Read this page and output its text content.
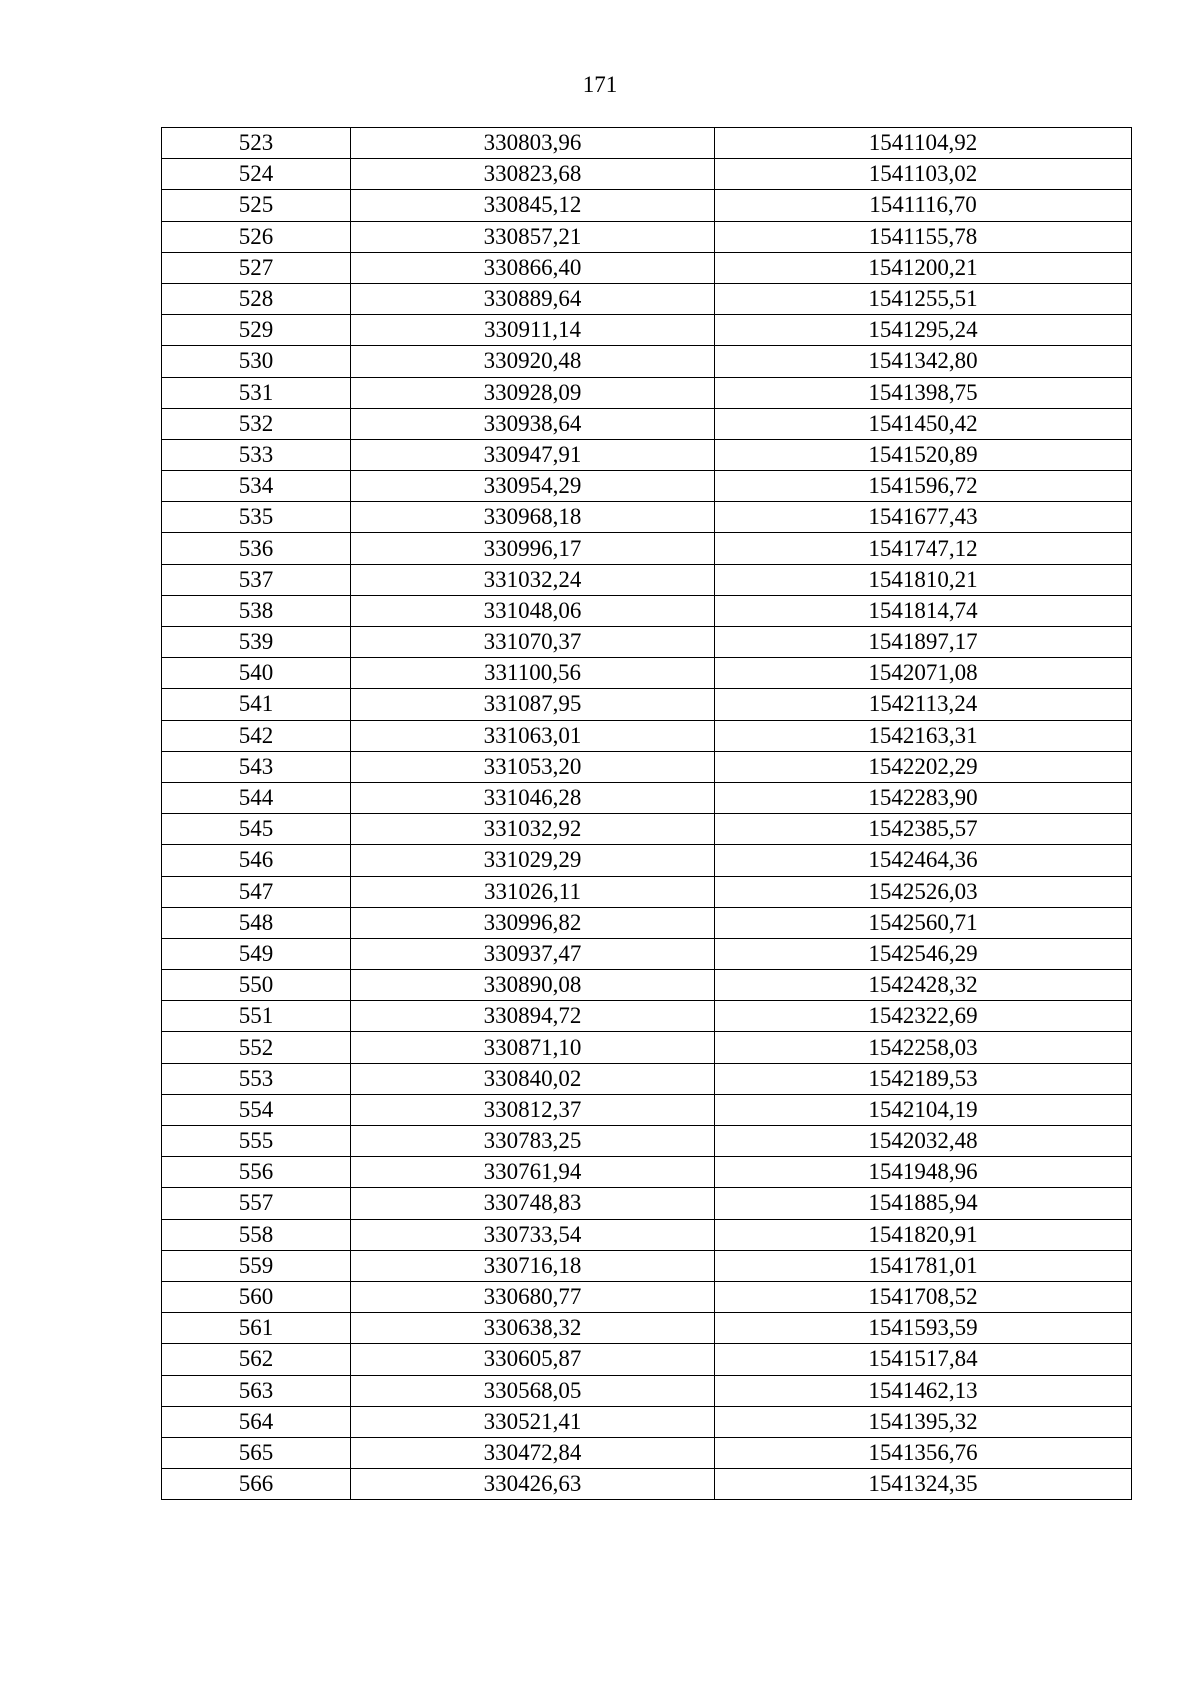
171
523	330803,96	1541104,92
524	330823,68	1541103,02
525	330845,12	1541116,70
526	330857,21	1541155,78
527	330866,40	1541200,21
528	330889,64	1541255,51
529	330911,14	1541295,24
530	330920,48	1541342,80
531	330928,09	1541398,75
532	330938,64	1541450,42
533	330947,91	1541520,89
534	330954,29	1541596,72
535	330968,18	1541677,43
536	330996,17	1541747,12
537	331032,24	1541810,21
538	331048,06	1541814,74
539	331070,37	1541897,17
540	331100,56	1542071,08
541	331087,95	1542113,24
542	331063,01	1542163,31
543	331053,20	1542202,29
544	331046,28	1542283,90
545	331032,92	1542385,57
546	331029,29	1542464,36
547	331026,11	1542526,03
548	330996,82	1542560,71
549	330937,47	1542546,29
550	330890,08	1542428,32
551	330894,72	1542322,69
552	330871,10	1542258,03
553	330840,02	1542189,53
554	330812,37	1542104,19
555	330783,25	1542032,48
556	330761,94	1541948,96
557	330748,83	1541885,94
558	330733,54	1541820,91
559	330716,18	1541781,01
560	330680,77	1541708,52
561	330638,32	1541593,59
562	330605,87	1541517,84
563	330568,05	1541462,13
564	330521,41	1541395,32
565	330472,84	1541356,76
566	330426,63	1541324,35
